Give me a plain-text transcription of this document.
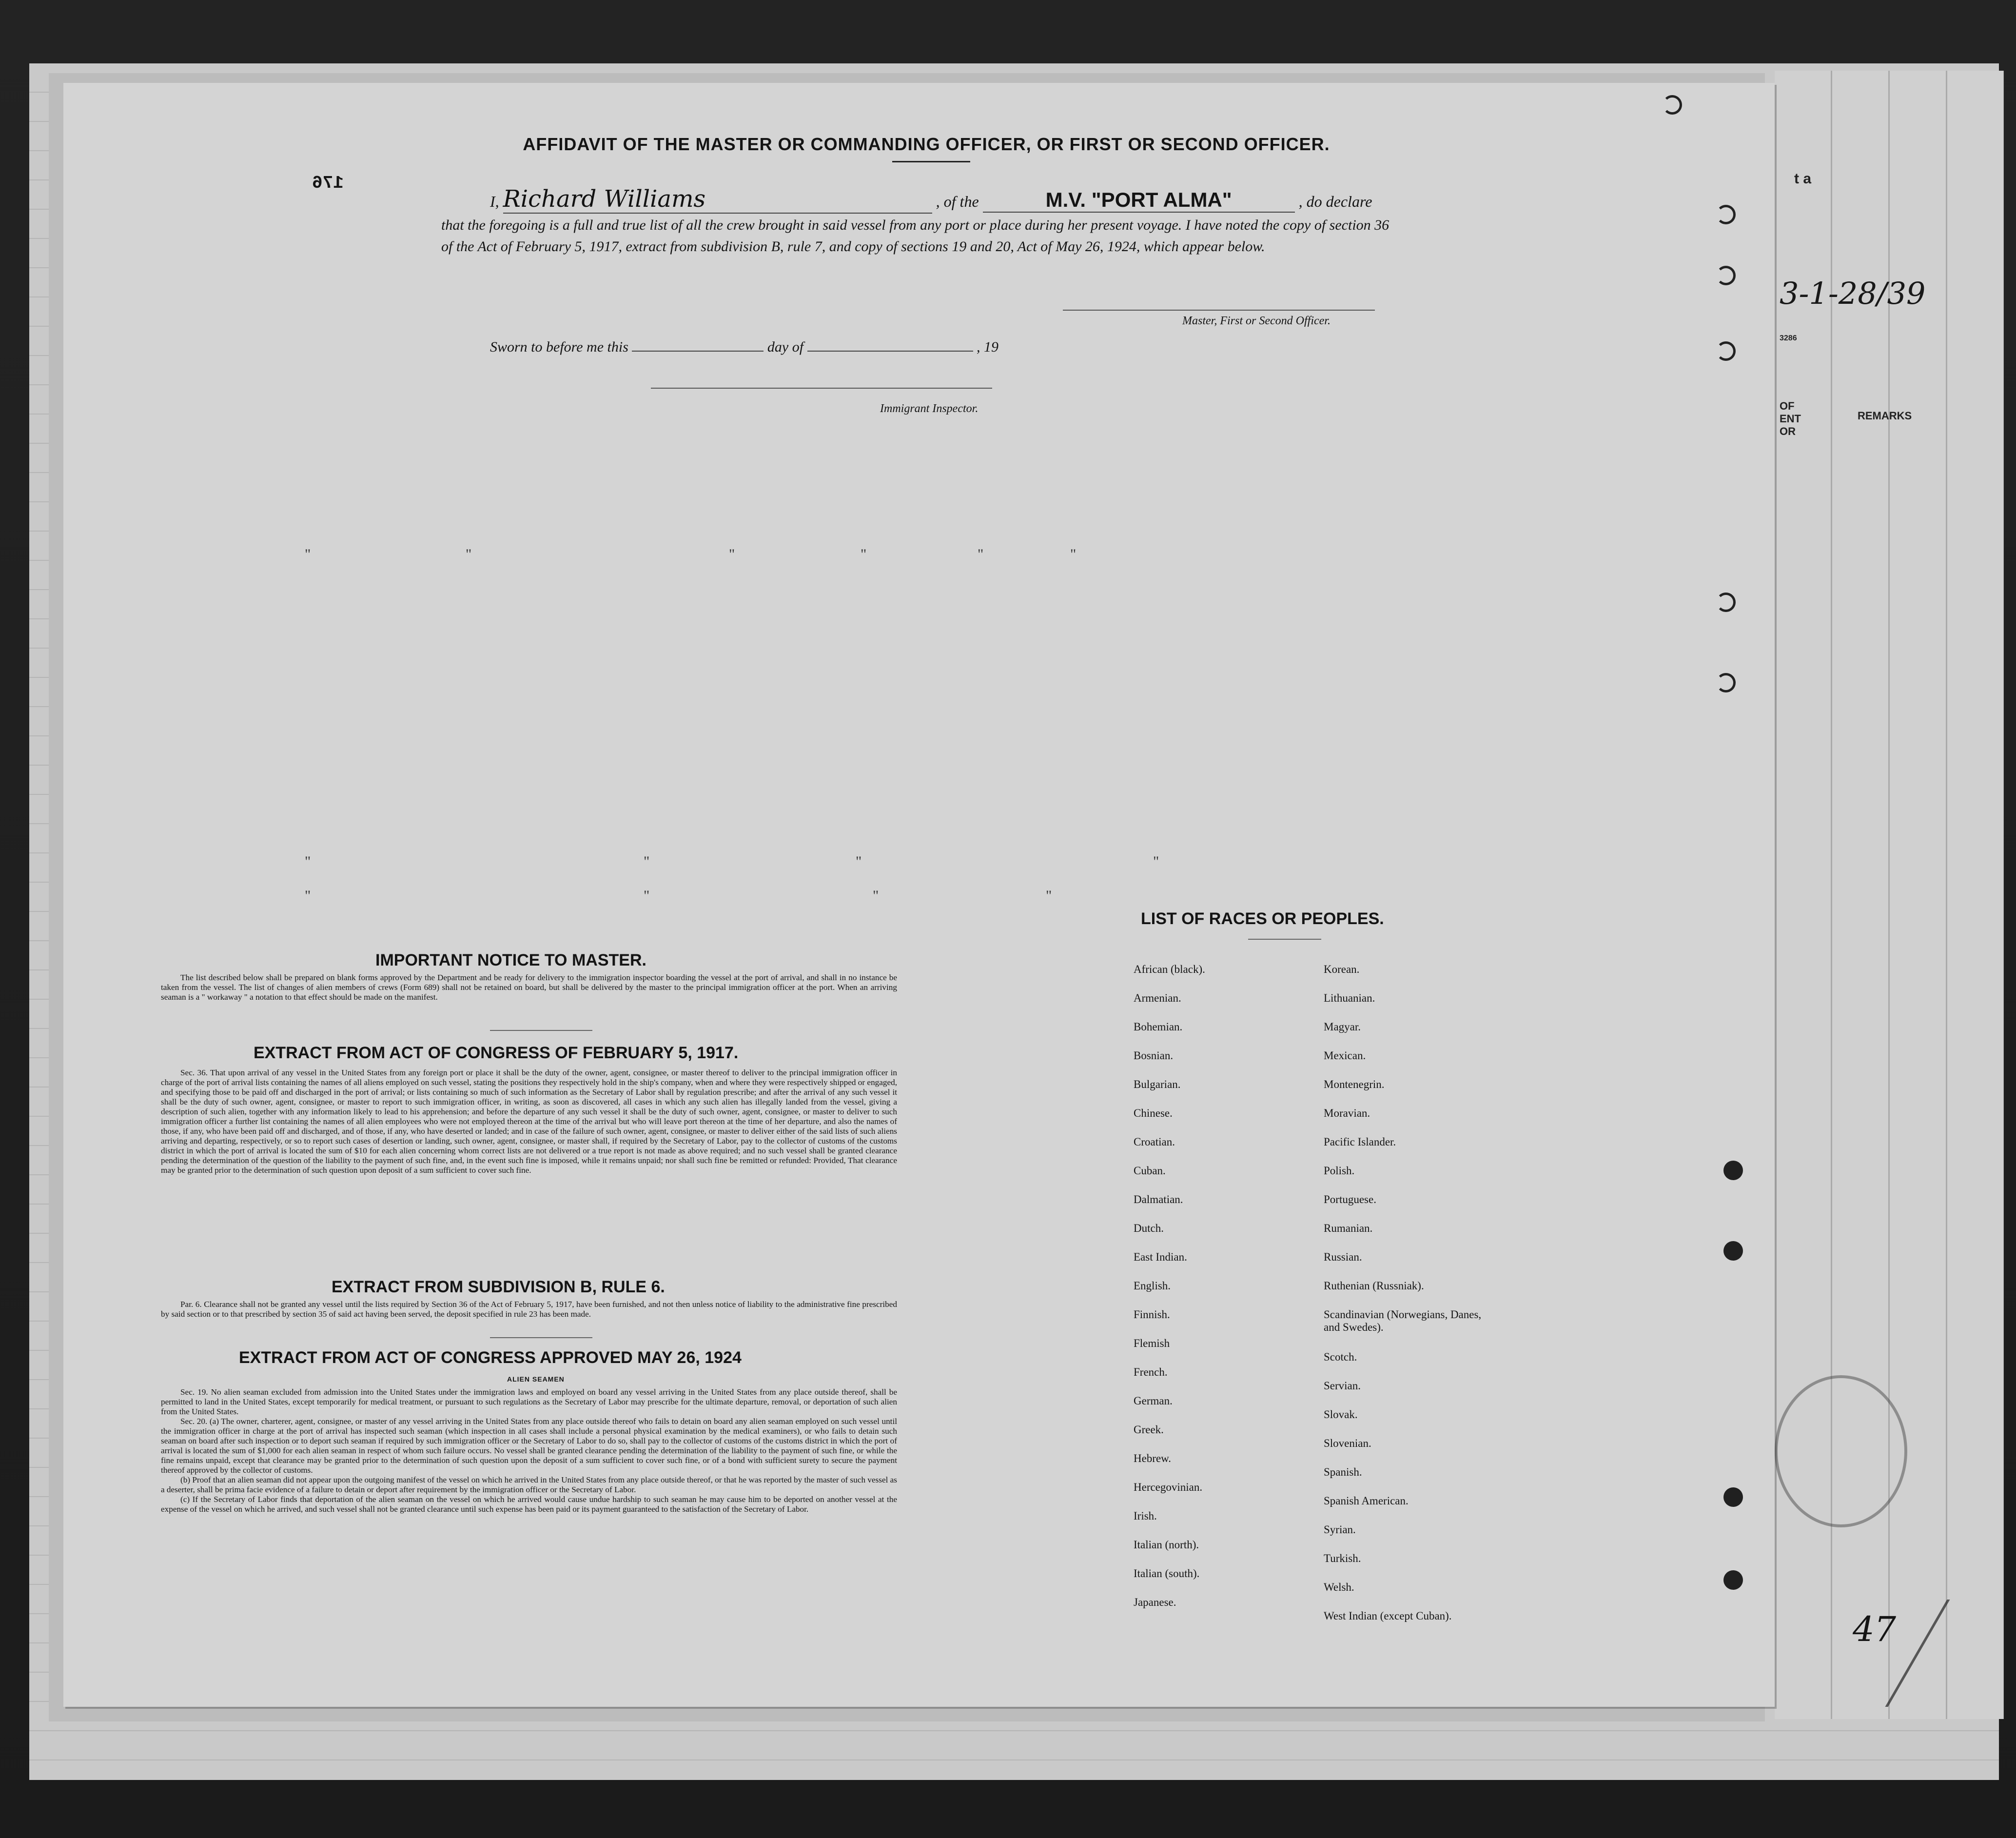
t a
3-1-28/39
3286
OF
ENT
OR
REMARKS
47
AFFIDAVIT OF THE MASTER OR COMMANDING OFFICER, OR FIRST OR SECOND OFFICER.
176
I, Richard Williams	, of the	M.V. "PORT ALMA"	, do declare
that the foregoing is a full and true list of all the crew brought in said vessel from any port or place during her present voyage. I have noted the copy of section 36 of the Act of February 5, 1917, extract from subdivision B, rule 7, and copy of sections 19 and 20, Act of May 26, 1924, which appear below.
Master, First or Second Officer.
Sworn to before me this	day of	, 19
Immigrant Inspector.
"	"	"	"	"	"
"	"	"	"
"	"	"	"
IMPORTANT NOTICE TO MASTER.
The list described below shall be prepared on blank forms approved by the Department and be ready for delivery to the immigration inspector boarding the vessel at the port of arrival, and shall in no instance be taken from the vessel. The list of changes of alien members of crews (Form 689) shall not be retained on board, but shall be delivered by the master to the principal immigration officer at the port. When an arriving seaman is a " workaway " a notation to that effect should be made on the manifest.
EXTRACT FROM ACT OF CONGRESS OF FEBRUARY 5, 1917.
Sec. 36. That upon arrival of any vessel in the United States from any foreign port or place it shall be the duty of the owner, agent, consignee, or master thereof to deliver to the principal immigration officer in charge of the port of arrival lists containing the names of all aliens employed on such vessel, stating the positions they respectively hold in the ship's company, when and where they were respectively shipped or engaged, and specifying those to be paid off and discharged in the port of arrival; or lists containing so much of such information as the Secretary of Labor shall by regulation prescribe; and after the arrival of any such vessel it shall be the duty of such owner, agent, consignee, or master to report to such immigration officer, in writing, as soon as discovered, all cases in which any such alien has illegally landed from the vessel, giving a description of such alien, together with any information likely to lead to his apprehension; and before the departure of any such vessel it shall be the duty of such owner, agent, consignee, or master to deliver to such immigration officer a further list containing the names of all alien employees who were not employed thereon at the time of the arrival but who will leave port thereon at the time of her departure, and also the names of those, if any, who have been paid off and discharged, and of those, if any, who have deserted or landed; and in case of the failure of such owner, agent, consignee, or master to deliver either of the said lists of such aliens arriving and departing, respectively, or so to report such cases of desertion or landing, such owner, agent, consignee, or master shall, if required by the Secretary of Labor, pay to the collector of customs of the customs district in which the port of arrival is located the sum of $10 for each alien concerning whom correct lists are not delivered or a true report is not made as above required; and no such vessel shall be granted clearance pending the determination of the question of the liability to the payment of such fine, and, in the event such fine is imposed, while it remains unpaid; nor shall such fine be remitted or refunded: Provided, That clearance may be granted prior to the determination of such question upon deposit of a sum sufficient to cover such fine.
EXTRACT FROM SUBDIVISION B, RULE 6.
Par. 6. Clearance shall not be granted any vessel until the lists required by Section 36 of the Act of February 5, 1917, have been furnished, and not then unless notice of liability to the administrative fine prescribed by said section or to that prescribed by section 35 of said act having been served, the deposit specified in rule 23 has been made.
EXTRACT FROM ACT OF CONGRESS APPROVED MAY 26, 1924
ALIEN SEAMEN
Sec. 19. No alien seaman excluded from admission into the United States under the immigration laws and employed on board any vessel arriving in the United States from any place outside thereof, shall be permitted to land in the United States, except temporarily for medical treatment, or pursuant to such regulations as the Secretary of Labor may prescribe for the ultimate departure, removal, or deportation of such alien from the United States.
Sec. 20. (a) The owner, charterer, agent, consignee, or master of any vessel arriving in the United States from any place outside thereof who fails to detain on board any alien seaman employed on such vessel until the immigration officer in charge at the port of arrival has inspected such seaman (which inspection in all cases shall include a personal physical examination by the medical examiners), or who fails to detain such seaman on board after such inspection or to deport such seaman if required by such immigration officer or the Secretary of Labor to do so, shall pay to the collector of customs of the customs district in which the port of arrival is located the sum of $1,000 for each alien seaman in respect of whom such failure occurs. No vessel shall be granted clearance pending the determination of the liability to the payment of such fine, or while the fine remains unpaid, except that clearance may be granted prior to the determination of such question upon the deposit of a sum sufficient to cover such fine, or of a bond with sufficient surety to secure the payment thereof approved by the collector of customs.
(b) Proof that an alien seaman did not appear upon the outgoing manifest of the vessel on which he arrived in the United States from any place outside thereof, or that he was reported by the master of such vessel as a deserter, shall be prima facie evidence of a failure to detain or deport after requirement by the immigration officer or the Secretary of Labor.
(c) If the Secretary of Labor finds that deportation of the alien seaman on the vessel on which he arrived would cause undue hardship to such seaman he may cause him to be deported on another vessel at the expense of the vessel on which he arrived, and such vessel shall not be granted clearance until such expense has been paid or its payment guaranteed to the satisfaction of the Secretary of Labor.
LIST OF RACES OR PEOPLES.
African (black).
Armenian.
Bohemian.
Bosnian.
Bulgarian.
Chinese.
Croatian.
Cuban.
Dalmatian.
Dutch.
East Indian.
English.
Finnish.
Flemish
French.
German.
Greek.
Hebrew.
Hercegovinian.
Irish.
Italian (north).
Italian (south).
Japanese.
Korean.
Lithuanian.
Magyar.
Mexican.
Montenegrin.
Moravian.
Pacific Islander.
Polish.
Portuguese.
Rumanian.
Russian.
Ruthenian (Russniak).
Scandinavian (Norwegians, Danes, and Swedes).
Scotch.
Servian.
Slovak.
Slovenian.
Spanish.
Spanish American.
Syrian.
Turkish.
Welsh.
West Indian (except Cuban).
